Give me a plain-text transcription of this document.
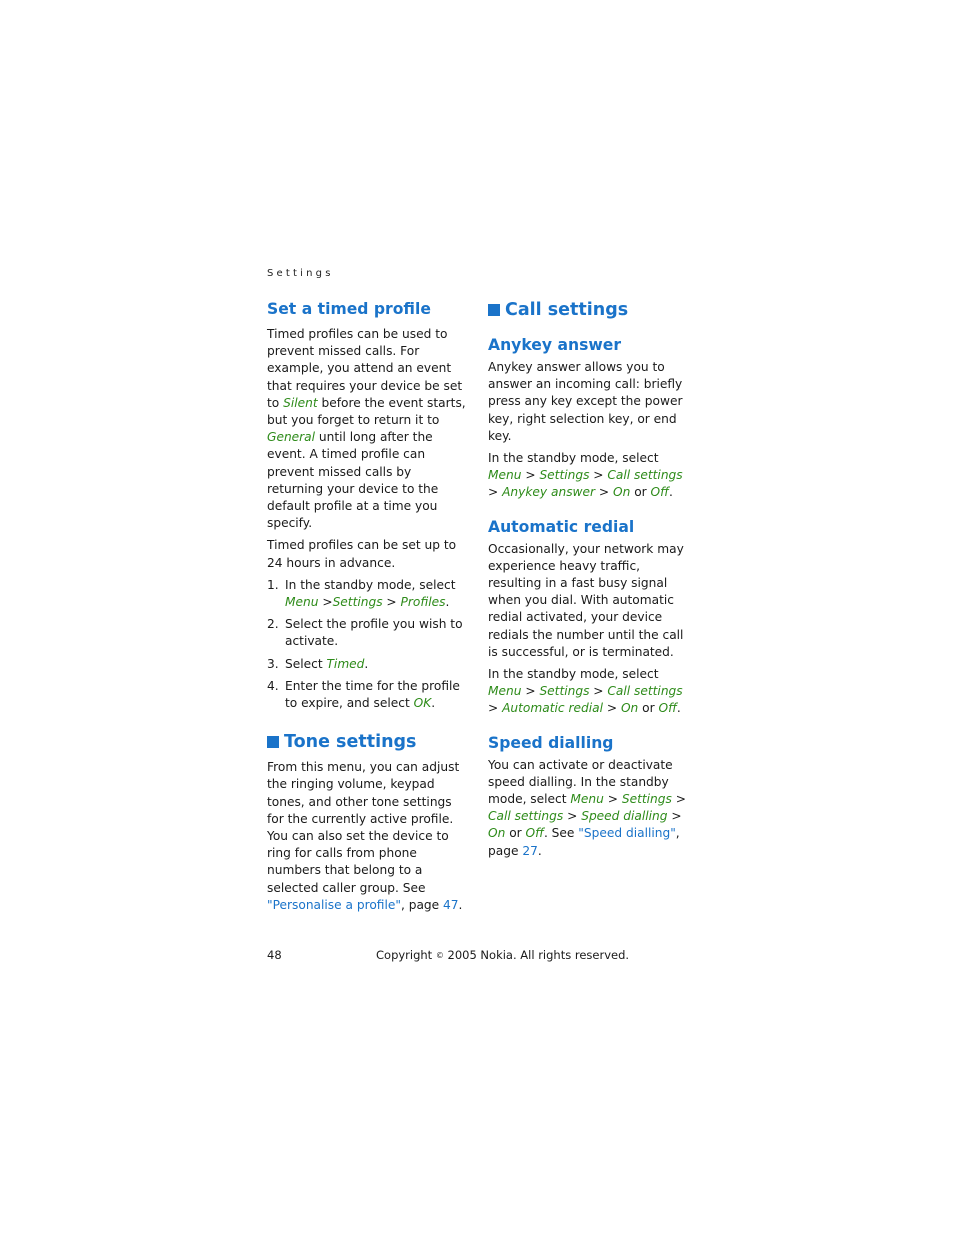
Settings
Set a timed profile

Timed profiles can be used to prevent missed calls. For example, you attend an event that requires your device be set to Silent before the event starts, but you forget to return it to General until long after the event. A timed profile can prevent missed calls by returning your device to the default profile at a time you specify.

Timed profiles can be set up to 24 hours in advance.

1. In the standby mode, select Menu >Settings > Profiles.
2. Select the profile you wish to activate.
3. Select Timed.
4. Enter the time for the profile to expire, and select OK.
Tone settings

From this menu, you can adjust the ringing volume, keypad tones, and other tone settings for the currently active profile. You can also set the device to ring for calls from phone numbers that belong to a selected caller group. See "Personalise a profile", page 47.

Call settings
Anykey answer

Anykey answer allows you to answer an incoming call: briefly press any key except the power key, right selection key, or end key.

In the standby mode, select Menu > Settings > Call settings > Anykey answer > On or Off.

Automatic redial

Occasionally, your network may experience heavy traffic, resulting in a fast busy signal when you dial. With automatic redial activated, your device redials the number until the call is successful, or is terminated.

In the standby mode, select Menu > Settings > Call settings > Automatic redial > On or Off.

Speed dialling

You can activate or deactivate speed dialling. In the standby mode, select Menu > Settings > Call settings > Speed dialling > On or Off. See "Speed dialling", page 27.

48	Copyright © 2005 Nokia. All rights reserved.
